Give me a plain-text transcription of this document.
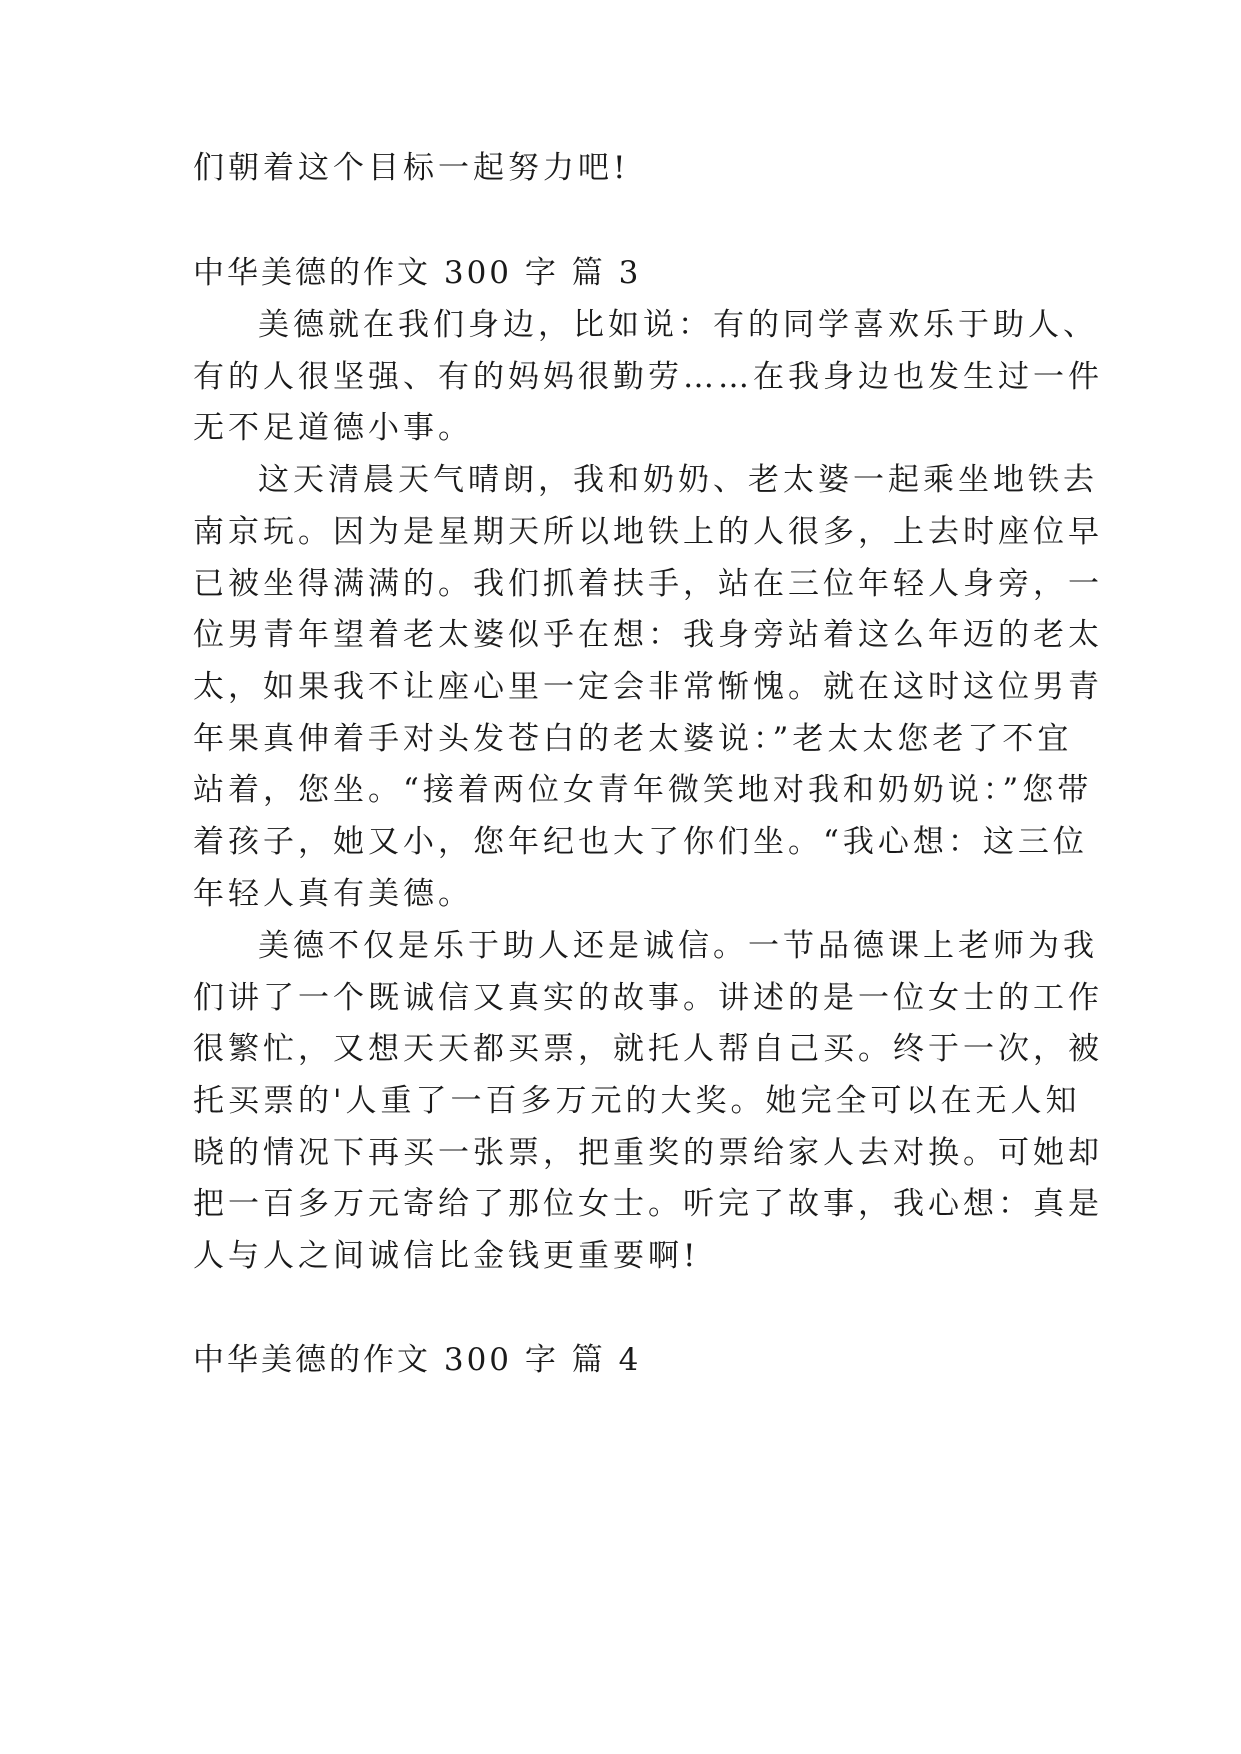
们朝着这个目标一起努力吧!

中华美德的作文 300 字 篇 3

美德就在我们身边，比如说：有的同学喜欢乐于助人、

有的人很坚强、有的妈妈很勤劳……在我身边也发生过一件

无不足道德小事。

这天清晨天气晴朗，我和奶奶、老太婆一起乘坐地铁去

南京玩。因为是星期天所以地铁上的人很多，上去时座位早

已被坐得满满的。我们抓着扶手，站在三位年轻人身旁，一

位男青年望着老太婆似乎在想：我身旁站着这么年迈的老太

太，如果我不让座心里一定会非常惭愧。就在这时这位男青

年果真伸着手对头发苍白的老太婆说：”老太太您老了不宜

站着，您坐。“接着两位女青年微笑地对我和奶奶说：”您带

着孩子，她又小，您年纪也大了你们坐。“我心想：这三位

年轻人真有美德。

美德不仅是乐于助人还是诚信。一节品德课上老师为我

们讲了一个既诚信又真实的故事。讲述的是一位女士的工作

很繁忙，又想天天都买票，就托人帮自己买。终于一次，被

托买票的'人重了一百多万元的大奖。她完全可以在无人知

晓的情况下再买一张票，把重奖的票给家人去对换。可她却

把一百多万元寄给了那位女士。听完了故事，我心想：真是

人与人之间诚信比金钱更重要啊!

中华美德的作文 300 字 篇 4
